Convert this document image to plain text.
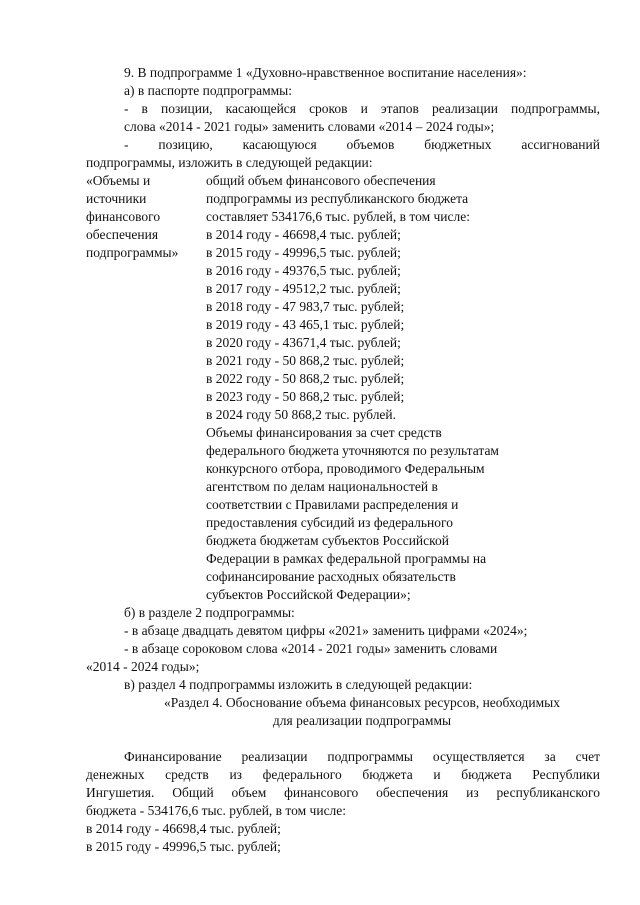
9. В подпрограмме 1 «Духовно-нравственное воспитание населения»:
а) в паспорте подпрограммы:
- в позиции, касающейся сроков и этапов реализации подпрограммы,
слова «2014 - 2021 годы» заменить словами «2014 – 2024 годы»;
- позицию, касающуюся объемов бюджетных ассигнований
подпрограммы, изложить в следующей редакции:
«Объемы и
источники
финансового
обеспечения
подпрограммы»
общий объем финансового обеспечения
подпрограммы из республиканского бюджета
составляет 534176,6 тыс. рублей, в том числе:
в 2014 году - 46698,4 тыс. рублей;
в 2015 году - 49996,5 тыс. рублей;
в 2016 году - 49376,5 тыс. рублей;
в 2017 году - 49512,2 тыс. рублей;
в 2018 году - 47 983,7 тыс. рублей;
в 2019 году - 43 465,1 тыс. рублей;
в 2020 году - 43671,4 тыс. рублей;
в 2021 году - 50 868,2 тыс. рублей;
в 2022 году - 50 868,2 тыс. рублей;
в 2023 году - 50 868,2 тыс. рублей;
в 2024 году 50 868,2 тыс. рублей.
Объемы финансирования за счет средств
федерального бюджета уточняются по результатам
конкурсного отбора, проводимого Федеральным
агентством по делам национальностей в
соответствии с Правилами распределения и
предоставления субсидий из федерального
бюджета бюджетам субъектов Российской
Федерации в рамках федеральной программы на
софинансирование расходных обязательств
субъектов Российской Федерации»;
б) в разделе 2 подпрограммы:
- в абзаце двадцать девятом цифры «2021» заменить цифрами «2024»;
- в абзаце сороковом слова «2014 - 2021 годы» заменить словами
«2014 - 2024 годы»;
в) раздел 4 подпрограммы изложить в следующей редакции:
«Раздел 4. Обоснование объема финансовых ресурсов, необходимых
для реализации подпрограммы
Финансирование реализации подпрограммы осуществляется за счет
денежных средств из федерального бюджета и бюджета Республики
Ингушетия. Общий объем финансового обеспечения из республиканского
бюджета - 534176,6 тыс. рублей, в том числе:
в 2014 году - 46698,4 тыс. рублей;
в 2015 году - 49996,5 тыс. рублей;
